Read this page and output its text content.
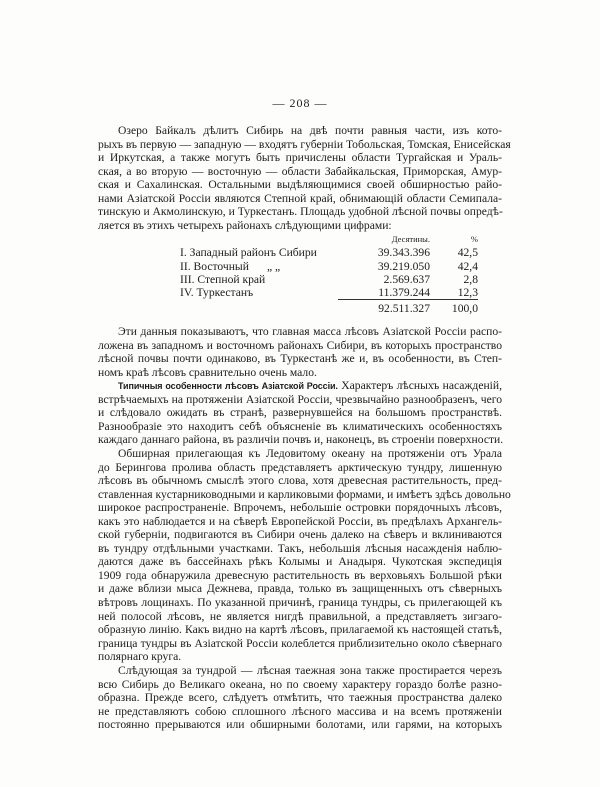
— 208 —
Озеро Байкалъ дѣлитъ Сибирь на двѣ почти равныя части, изъ кото-
рыхъ въ первую — западную — входятъ губерніи Тобольская, Томская, Енисейская
и Иркутская, а также могутъ быть причислены области Тургайская и Ураль-
ская, а во вторую — восточную — области Забайкальская, Приморская, Амур-
ская и Сахалинская. Остальными выдѣляющимися своей обширностью райо-
нами Азіатской Россіи являются Степной край, обнимающій области Семипала-
тинскую и Акмолинскую, и Туркестанъ. Площадь удобной лѣсной почвы опредѣ-
ляется въ этихъ четырехъ районахъ слѣдующими цифрами:
	Десятины.	%
I. Западный районъ Сибири	39.343.396	42,5
II. Восточный „ „	39.219.050	42,4
III. Степной край	2.569.637	2,8
IV. Туркестанъ	11.379.244	12,3
	92.511.327	100,0
Эти данныя показываютъ, что главная масса лѣсовъ Азіатской Россіи распо-
ложена въ западномъ и восточномъ районахъ Сибири, въ которыхъ пространство
лѣсной почвы почти одинаково, въ Туркестанѣ же и, въ особенности, въ Степ-
номъ краѣ лѣсовъ сравнительно очень мало.
Типичныя особенности лѣсовъ Азіатской Россіи. Характеръ лѣсныхъ насажденій,
встрѣчаемыхъ на протяженіи Азіатской Россіи, чрезвычайно разнообразенъ, чего
и слѣдовало ожидать въ странѣ, развернувшейся на большомъ пространствѣ.
Разнообразіе это находитъ себѣ объясненіе въ климатическихъ особенностяхъ
каждаго даннаго района, въ различіи почвъ и, наконецъ, въ строеніи поверхности.
Обширная прилегающая къ Ледовитому океану на протяженіи отъ Урала
до Берингова пролива область представляетъ арктическую тундру, лишенную
лѣсовъ въ обычномъ смыслѣ этого слова, хотя древесная растительность, пред-
ставленная кустарниководными и карликовыми формами, и имѣетъ здѣсь довольно
широкое распространеніе. Впрочемъ, небольшіе островки порядочныхъ лѣсовъ,
какъ это наблюдается и на сѣверѣ Европейской Россіи, въ предѣлахъ Архангель-
ской губерніи, подвигаются въ Сибири очень далеко на сѣверъ и вклиниваются
въ тундру отдѣльными участками. Такъ, небольшія лѣсныя насажденія наблю-
даются даже въ бассейнахъ рѣкъ Колымы и Анадыря. Чукотская экспедиція
1909 года обнаружила древесную растительность въ верховьяхъ Большой рѣки
и даже вблизи мыса Дежнева, правда, только въ защищенныхъ отъ сѣверныхъ
вѣтровъ лощинахъ. По указанной причинѣ, граница тундры, съ прилегающей къ
ней полосой лѣсовъ, не является нигдѣ правильной, а представляетъ зигзаго-
образную линію. Какъ видно на картѣ лѣсовъ, прилагаемой къ настоящей статьѣ,
граница тундры въ Азіатской Россіи колеблется приблизительно около сѣвернаго
полярнаго круга.
Слѣдующая за тундрой — лѣсная таежная зона также простирается черезъ
всю Сибирь до Великаго океана, но по своему характеру гораздо болѣе разно-
образна. Прежде всего, слѣдуетъ отмѣтить, что таежныя пространства далеко
не представляютъ собою сплошного лѣсного массива и на всемъ протяженіи
постоянно прерываются или обширными болотами, или гарями, на которыхъ
